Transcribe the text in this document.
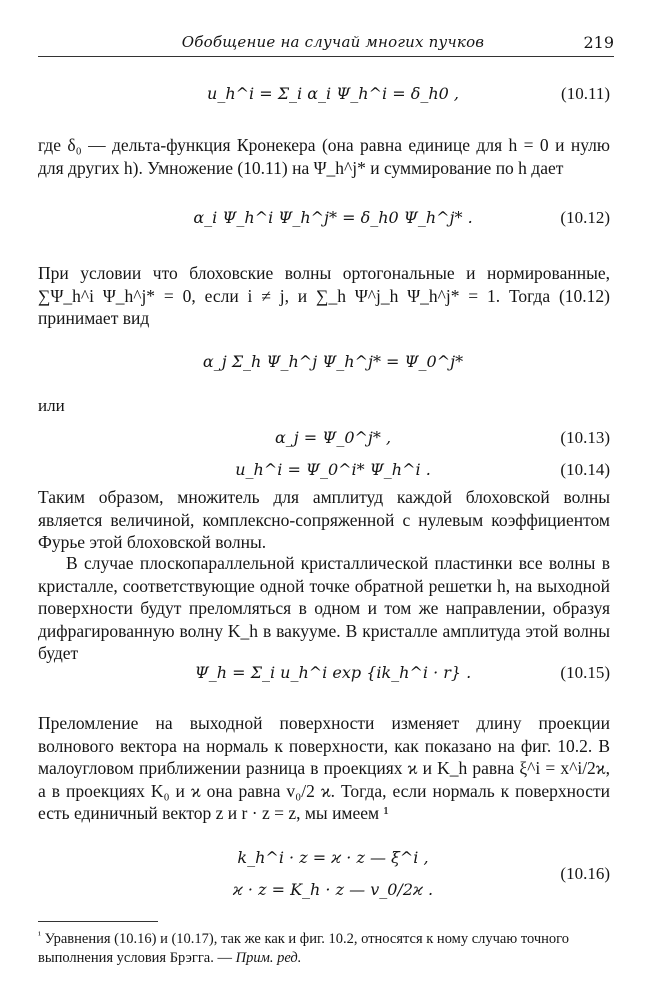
Обобщение на случай многих пучков	219
u_h^i = Σ_i α_i Ψ_h^i = δ_h0 ,	(10.11)
где δ₀ — дельта-функция Кронекера (она равна единице для h = 0 и нулю для других h). Умножение (10.11) на Ψ_h^j* и суммирование по h дает
α_i Ψ_h^i Ψ_h^j* = δ_h0 Ψ_h^j* .	(10.12)
При условии что блоховские волны ортогональные и нормированные, ∑Ψ_h^i Ψ_h^j* = 0, если i ≠ j, и ∑_h Ψ^j_h Ψ_h^j* = 1. Тогда (10.12) принимает вид
α_j Σ_h Ψ_h^j Ψ_h^j* = Ψ_0^j*
или
α_j = Ψ_0^j* ,	(10.13)
u_h^i = Ψ_0^i* Ψ_h^i .	(10.14)
Таким образом, множитель для амплитуд каждой блоховской волны является величиной, комплексно-сопряженной с нулевым коэффициентом Фурье этой блоховской волны.
В случае плоскопараллельной кристаллической пластинки все волны в кристалле, соответствующие одной точке обратной решетки h, на выходной поверхности будут преломляться в одном и том же направлении, образуя дифрагированную волну K_h в вакууме. В кристалле амплитуда этой волны будет
Ψ_h = Σ_i u_h^i exp {ik_h^i · r} .	(10.15)
Преломление на выходной поверхности изменяет длину проекции волнового вектора на нормаль к поверхности, как показано на фиг. 10.2. В малоугловом приближении разница в проекциях ϰ и K_h равна ξ^i = x^i/2ϰ, а в проекциях K₀ и ϰ она равна v₀/2 ϰ. Тогда, если нормаль к поверхности есть единичный вектор z и r · z = z, мы имеем ¹
k_h^i · z = ϰ · z — ξ^i ,
ϰ · z = K_h · z — v_0/2ϰ .
(10.16)
$^{^1}$ Уравнения (10.16) и (10.17), так же как и фиг. 10.2, относятся к ному случаю точного выполнения условия Брэгга. — Прим. ред.
